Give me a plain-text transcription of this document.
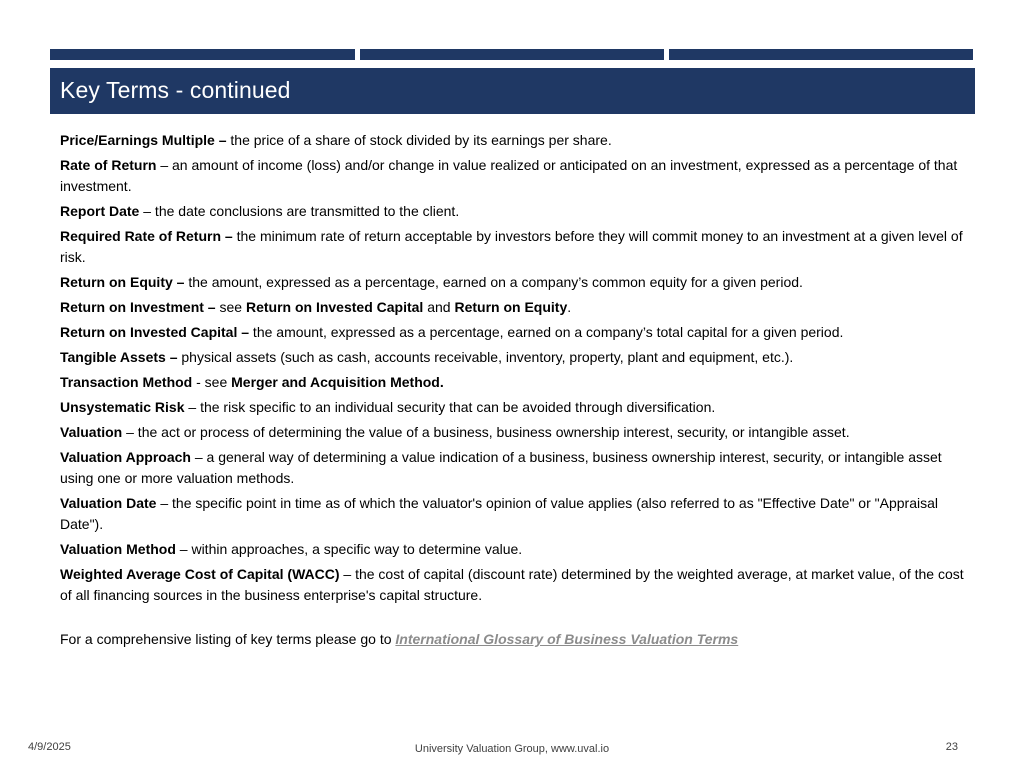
Key Terms - continued
Price/Earnings Multiple – the price of a share of stock divided by its earnings per share.
Rate of Return – an amount of income (loss) and/or change in value realized or anticipated on an investment, expressed as a percentage of that investment.
Report Date – the date conclusions are transmitted to the client.
Required Rate of Return – the minimum rate of return acceptable by investors before they will commit money to an investment at a given level of risk.
Return on Equity – the amount, expressed as a percentage, earned on a company’s common equity for a given period.
Return on Investment – see Return on Invested Capital and Return on Equity.
Return on Invested Capital – the amount, expressed as a percentage, earned on a company’s total capital for a given period.
Tangible Assets – physical assets (such as cash, accounts receivable, inventory, property, plant and equipment, etc.).
Transaction Method - see Merger and Acquisition Method.
Unsystematic Risk – the risk specific to an individual security that can be avoided through diversification.
Valuation – the act or process of determining the value of a business, business ownership interest, security, or intangible asset.
Valuation Approach – a general way of determining a value indication of a business, business ownership interest, security, or intangible asset using one or more valuation methods.
Valuation Date – the specific point in time as of which the valuator's opinion of value applies (also referred to as "Effective Date" or "Appraisal Date").
Valuation Method – within approaches, a specific way to determine value.
Weighted Average Cost of Capital (WACC) – the cost of capital (discount rate) determined by the weighted average, at market value, of the cost of all financing sources in the business enterprise's capital structure.

For a comprehensive listing of key terms please go to International Glossary of Business Valuation Terms

4/9/2025	University Valuation Group, www.uval.io	23
